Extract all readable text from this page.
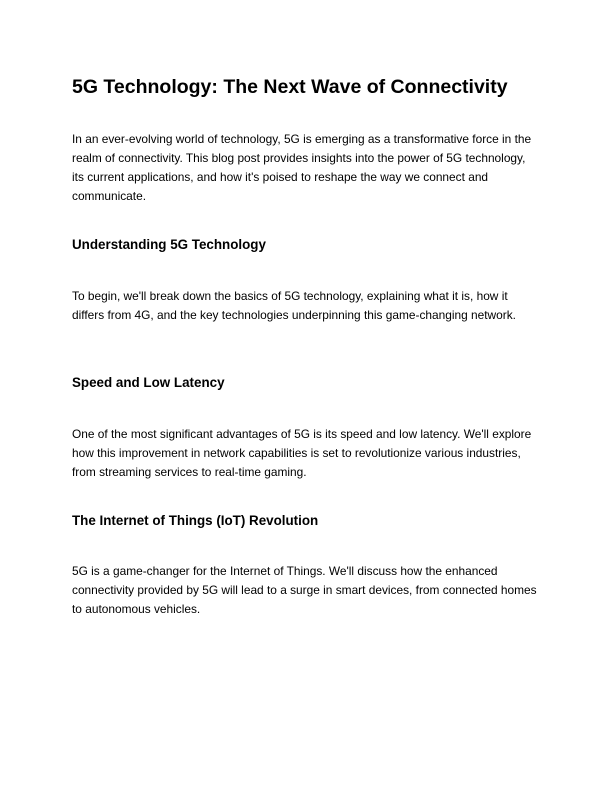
5G Technology: The Next Wave of Connectivity

In an ever-evolving world of technology, 5G is emerging as a transformative force in the realm of connectivity. This blog post provides insights into the power of 5G technology, its current applications, and how it's poised to reshape the way we connect and communicate.

Understanding 5G Technology

To begin, we'll break down the basics of 5G technology, explaining what it is, how it differs from 4G, and the key technologies underpinning this game-changing network.

Speed and Low Latency

One of the most significant advantages of 5G is its speed and low latency. We'll explore how this improvement in network capabilities is set to revolutionize various industries, from streaming services to real-time gaming.

The Internet of Things (IoT) Revolution

5G is a game-changer for the Internet of Things. We'll discuss how the enhanced connectivity provided by 5G will lead to a surge in smart devices, from connected homes to autonomous vehicles.
